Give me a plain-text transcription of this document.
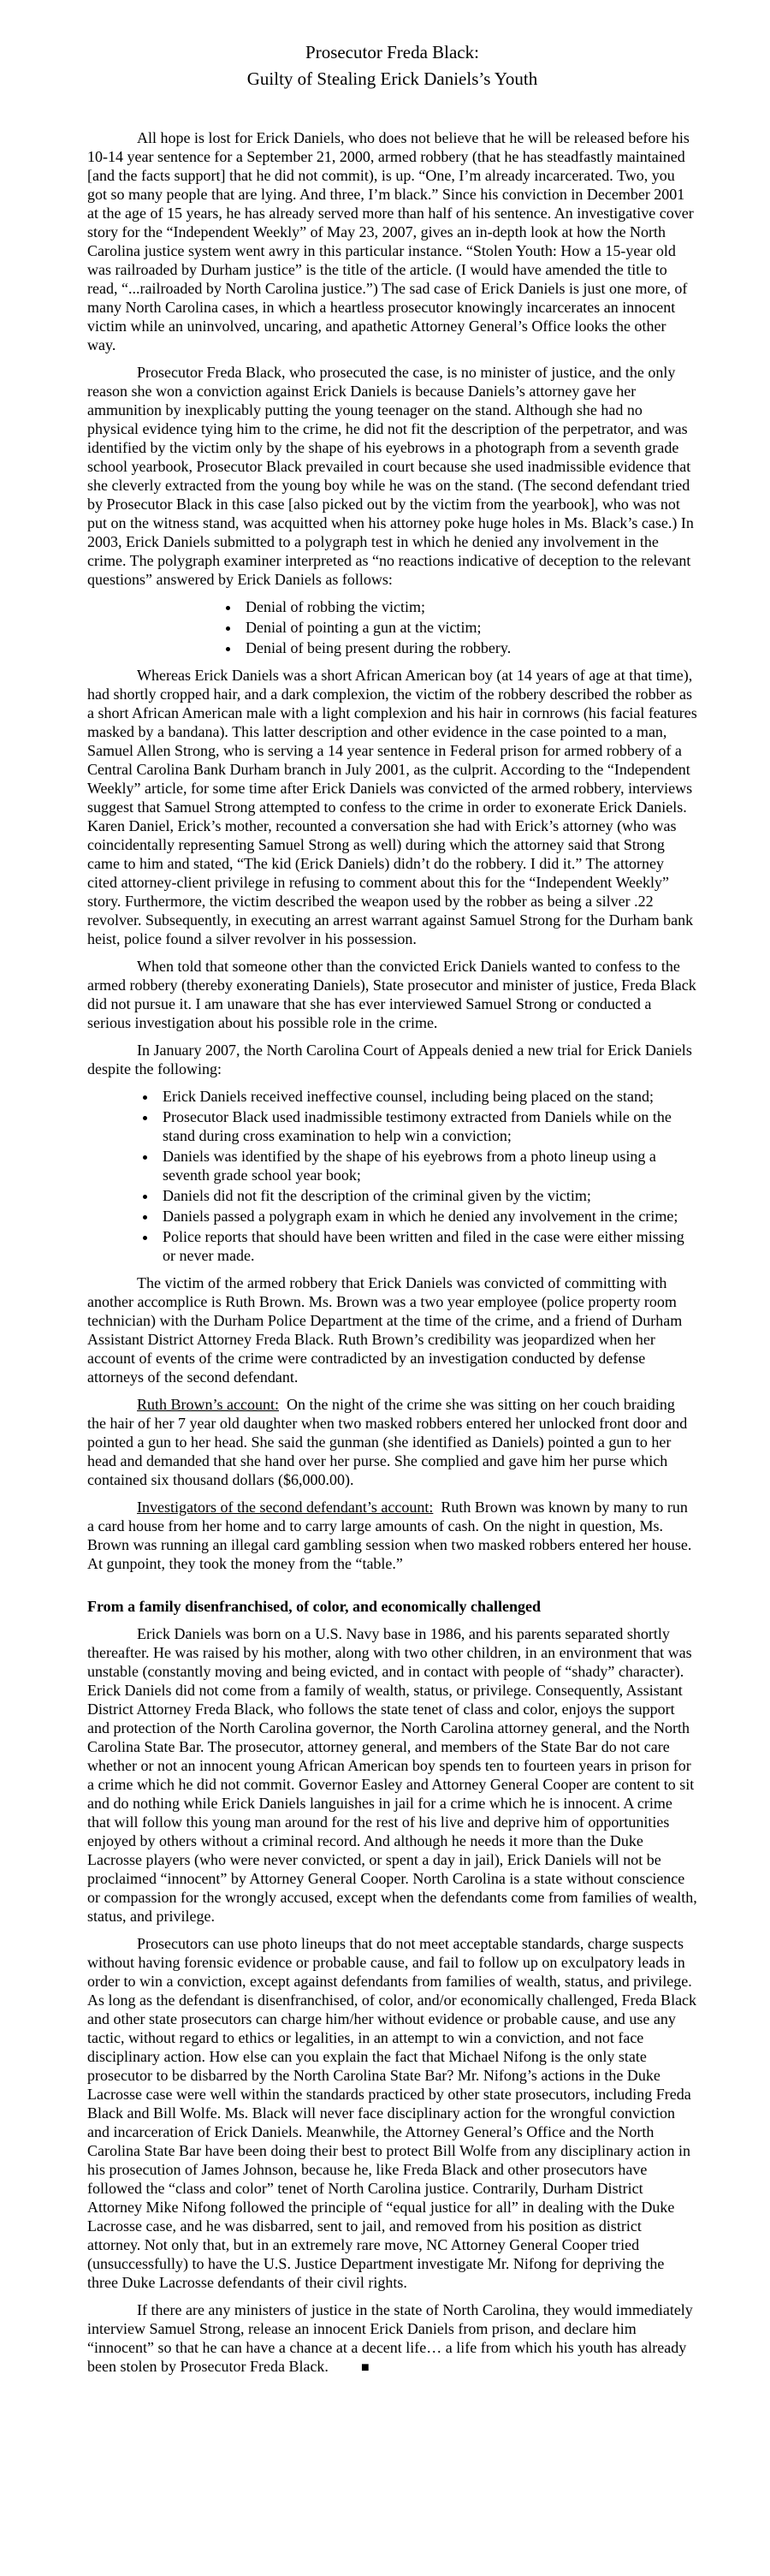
Prosecutor Freda Black:
Guilty of Stealing Erick Daniels’s Youth

All hope is lost for Erick Daniels, who does not believe that he will be released before his 10-14 year sentence for a September 21, 2000, armed robbery (that he has steadfastly maintained [and the facts support] that he did not commit), is up. “One, I’m already incarcerated. Two, you got so many people that are lying. And three, I’m black.” Since his conviction in December 2001 at the age of 15 years, he has already served more than half of his sentence. An investigative cover story for the “Independent Weekly” of May 23, 2007, gives an in-depth look at how the North Carolina justice system went awry in this particular instance. “Stolen Youth: How a 15-year old was railroaded by Durham justice” is the title of the article. (I would have amended the title to read, “...railroaded by North Carolina justice.”) The sad case of Erick Daniels is just one more, of many North Carolina cases, in which a heartless prosecutor knowingly incarcerates an innocent victim while an uninvolved, uncaring, and apathetic Attorney General’s Office looks the other way.

Prosecutor Freda Black, who prosecuted the case, is no minister of justice, and the only reason she won a conviction against Erick Daniels is because Daniels’s attorney gave her ammunition by inexplicably putting the young teenager on the stand. Although she had no physical evidence tying him to the crime, he did not fit the description of the perpetrator, and was identified by the victim only by the shape of his eyebrows in a photograph from a seventh grade school yearbook, Prosecutor Black prevailed in court because she used inadmissible evidence that she cleverly extracted from the young boy while he was on the stand. (The second defendant tried by Prosecutor Black in this case [also picked out by the victim from the yearbook], who was not put on the witness stand, was acquitted when his attorney poke huge holes in Ms. Black’s case.) In 2003, Erick Daniels submitted to a polygraph test in which he denied any involvement in the crime. The polygraph examiner interpreted as “no reactions indicative of deception to the relevant questions” answered by Erick Daniels as follows:

• Denial of robbing the victim;
• Denial of pointing a gun at the victim;
• Denial of being present during the robbery.

Whereas Erick Daniels was a short African American boy (at 14 years of age at that time), had shortly cropped hair, and a dark complexion, the victim of the robbery described the robber as a short African American male with a light complexion and his hair in cornrows (his facial features masked by a bandana). This latter description and other evidence in the case pointed to a man, Samuel Allen Strong, who is serving a 14 year sentence in Federal prison for armed robbery of a Central Carolina Bank Durham branch in July 2001, as the culprit. According to the “Independent Weekly” article, for some time after Erick Daniels was convicted of the armed robbery, interviews suggest that Samuel Strong attempted to confess to the crime in order to exonerate Erick Daniels. Karen Daniel, Erick’s mother, recounted a conversation she had with Erick’s attorney (who was coincidentally representing Samuel Strong as well) during which the attorney said that Strong came to him and stated, “The kid (Erick Daniels) didn’t do the robbery. I did it.” The attorney cited attorney-client privilege in refusing to comment about this for the “Independent Weekly” story. Furthermore, the victim described the weapon used by the robber as being a silver .22 revolver. Subsequently, in executing an arrest warrant against Samuel Strong for the Durham bank heist, police found a silver revolver in his possession.

When told that someone other than the convicted Erick Daniels wanted to confess to the armed robbery (thereby exonerating Daniels), State prosecutor and minister of justice, Freda Black did not pursue it. I am unaware that she has ever interviewed Samuel Strong or conducted a serious investigation about his possible role in the crime.

In January 2007, the North Carolina Court of Appeals denied a new trial for Erick Daniels despite the following:

• Erick Daniels received ineffective counsel, including being placed on the stand;
• Prosecutor Black used inadmissible testimony extracted from Daniels while on the stand during cross examination to help win a conviction;
• Daniels was identified by the shape of his eyebrows from a photo lineup using a seventh grade school year book;
• Daniels did not fit the description of the criminal given by the victim;
• Daniels passed a polygraph exam in which he denied any involvement in the crime;
• Police reports that should have been written and filed in the case were either missing or never made.

The victim of the armed robbery that Erick Daniels was convicted of committing with another accomplice is Ruth Brown. Ms. Brown was a two year employee (police property room technician) with the Durham Police Department at the time of the crime, and a friend of Durham Assistant District Attorney Freda Black. Ruth Brown’s credibility was jeopardized when her account of events of the crime were contradicted by an investigation conducted by defense attorneys of the second defendant.

Ruth Brown’s account: On the night of the crime she was sitting on her couch braiding the hair of her 7 year old daughter when two masked robbers entered her unlocked front door and pointed a gun to her head. She said the gunman (she identified as Daniels) pointed a gun to her head and demanded that she hand over her purse. She complied and gave him her purse which contained six thousand dollars ($6,000.00).

Investigators of the second defendant’s account: Ruth Brown was known by many to run a card house from her home and to carry large amounts of cash. On the night in question, Ms. Brown was running an illegal card gambling session when two masked robbers entered her house. At gunpoint, they took the money from the “table.”

From a family disenfranchised, of color, and economically challenged

Erick Daniels was born on a U.S. Navy base in 1986, and his parents separated shortly thereafter. He was raised by his mother, along with two other children, in an environment that was unstable (constantly moving and being evicted, and in contact with people of “shady” character). Erick Daniels did not come from a family of wealth, status, or privilege. Consequently, Assistant District Attorney Freda Black, who follows the state tenet of class and color, enjoys the support and protection of the North Carolina governor, the North Carolina attorney general, and the North Carolina State Bar. The prosecutor, attorney general, and members of the State Bar do not care whether or not an innocent young African American boy spends ten to fourteen years in prison for a crime which he did not commit. Governor Easley and Attorney General Cooper are content to sit and do nothing while Erick Daniels languishes in jail for a crime which he is innocent. A crime that will follow this young man around for the rest of his live and deprive him of opportunities enjoyed by others without a criminal record. And although he needs it more than the Duke Lacrosse players (who were never convicted, or spent a day in jail), Erick Daniels will not be proclaimed “innocent” by Attorney General Cooper. North Carolina is a state without conscience or compassion for the wrongly accused, except when the defendants come from families of wealth, status, and privilege.

Prosecutors can use photo lineups that do not meet acceptable standards, charge suspects without having forensic evidence or probable cause, and fail to follow up on exculpatory leads in order to win a conviction, except against defendants from families of wealth, status, and privilege. As long as the defendant is disenfranchised, of color, and/or economically challenged, Freda Black and other state prosecutors can charge him/her without evidence or probable cause, and use any tactic, without regard to ethics or legalities, in an attempt to win a conviction, and not face disciplinary action. How else can you explain the fact that Michael Nifong is the only state prosecutor to be disbarred by the North Carolina State Bar? Mr. Nifong’s actions in the Duke Lacrosse case were well within the standards practiced by other state prosecutors, including Freda Black and Bill Wolfe. Ms. Black will never face disciplinary action for the wrongful conviction and incarceration of Erick Daniels. Meanwhile, the Attorney General’s Office and the North Carolina State Bar have been doing their best to protect Bill Wolfe from any disciplinary action in his prosecution of James Johnson, because he, like Freda Black and other prosecutors have followed the “class and color” tenet of North Carolina justice. Contrarily, Durham District Attorney Mike Nifong followed the principle of “equal justice for all” in dealing with the Duke Lacrosse case, and he was disbarred, sent to jail, and removed from his position as district attorney. Not only that, but in an extremely rare move, NC Attorney General Cooper tried (unsuccessfully) to have the U.S. Justice Department investigate Mr. Nifong for depriving the three Duke Lacrosse defendants of their civil rights.

If there are any ministers of justice in the state of North Carolina, they would immediately interview Samuel Strong, release an innocent Erick Daniels from prison, and declare him “innocent” so that he can have a chance at a decent life… a life from which his youth has already been stolen by Prosecutor Freda Black. ■
